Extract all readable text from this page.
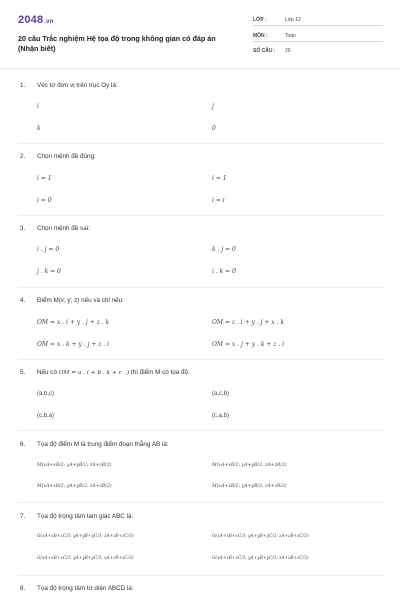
2048.vn
20 câu Trắc nghiệm Hệ tọa độ trong không gian có đáp án (Nhận biết)
LỚP :	Lớp 12
MÔN :	Toán
SỐ CÂU : 20
1. Véc tơ đơn vị trên trục Oy là:
i	j
k	0
2. Chọn mệnh đề đúng:
i = 1	i = 1
i = 0	i = i
3. Chọn mệnh đề sai:
i . j = 0	k . j = 0
j . k = 0	i . k = 0
4. Điểm M(x; y; z) nếu và chỉ nếu:
OM = x . i + y . j + z . k	OM = z . i + y . j + x . k
OM = x . k + y . j + z . i	OM = x . j + y . k + z . i
5. Nếu có OM = a . i + b . k + c . j thì điểm M có tọa độ:
(a,b,c)	(a,c,b)
(c,b,a)	(c,a,b)
6. Tọa độ điểm M là trung điểm đoạn thẳng AB là:
M(xA+xB/2; yA+yB/2; zA+zB/2)	M(xA+xB/2; yA+yB/2; zA+zB/2)
M(xA+xB/2; yA+yB/2; zA+zB/2)	M(xA+xB/2; yA+yB/2; zA+zB/2)
7. Tọa độ trọng tâm tam giác ABC là:
G(xA+xB+xC/3; yA+yB+yC/3; zA+zB+zC/3)	G(xA+xB+xC/3; yA+yB+yC/3; zA+zB+zC/3)
G(xA+xB+xC/3; yA+yB+yC/3; zA+zB+zC/3)	G(xA+xB+xC/3; yA+yB+yC/3; zA+zB+zC/3)
8. Tọa độ trọng tâm tứ diện ABCD là:
